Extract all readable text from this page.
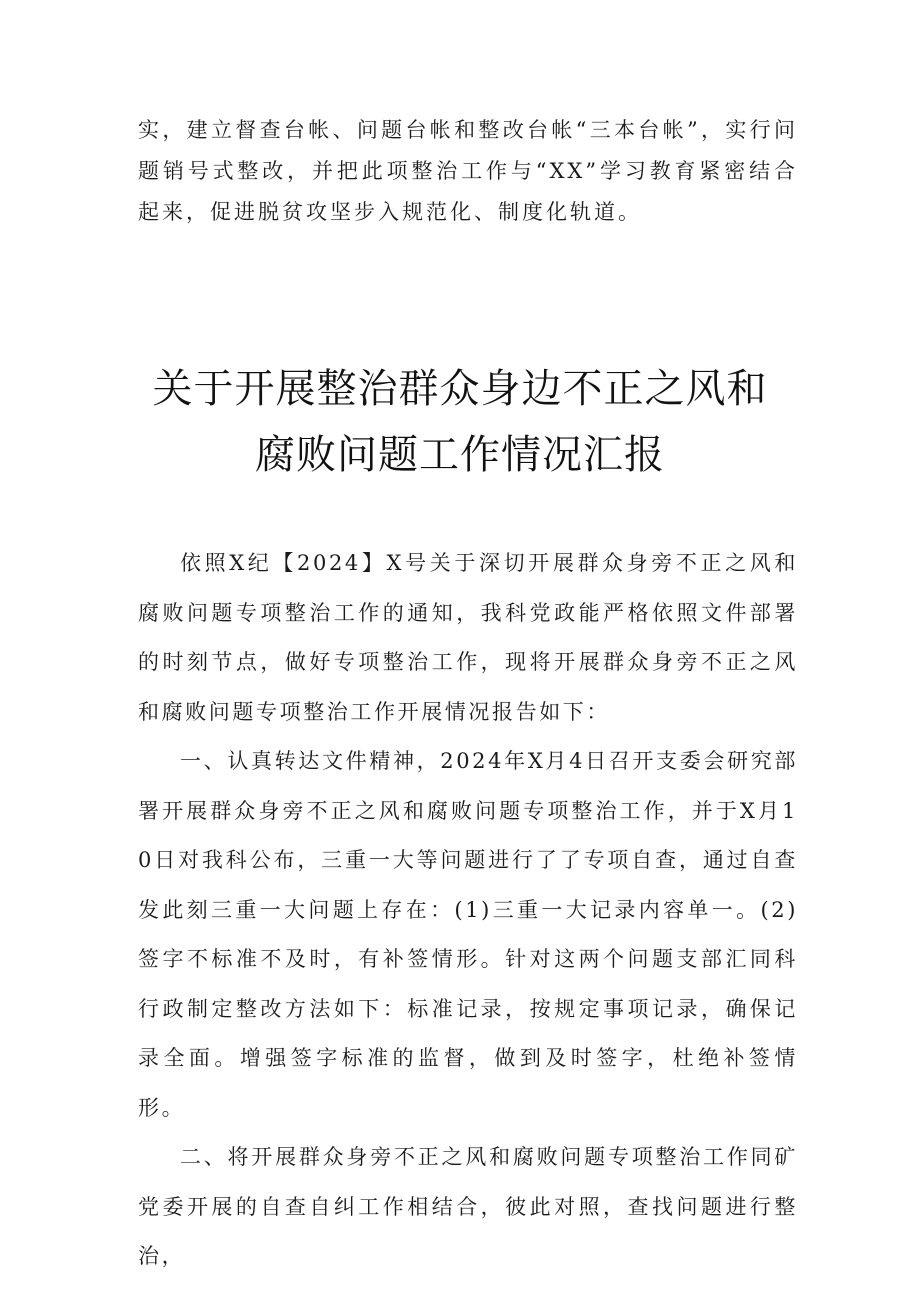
实，建立督查台帐、问题台帐和整改台帐“三本台帐”，实行问题销号式整改，并把此项整治工作与“XX”学习教育紧密结合起来，促进脱贫攻坚步入规范化、制度化轨道。
关于开展整治群众身边不正之风和
腐败问题工作情况汇报

依照X纪【2024】X号关于深切开展群众身旁不正之风和腐败问题专项整治工作的通知，我科党政能严格依照文件部署的时刻节点，做好专项整治工作，现将开展群众身旁不正之风和腐败问题专项整治工作开展情况报告如下：

一、认真转达文件精神，2024年X月4日召开支委会研究部署开展群众身旁不正之风和腐败问题专项整治工作，并于X月10日对我科公布，三重一大等问题进行了了专项自查，通过自查发此刻三重一大问题上存在：(1)三重一大记录内容单一。(2)签字不标准不及时，有补签情形。针对这两个问题支部汇同科行政制定整改方法如下：标准记录，按规定事项记录，确保记录全面。增强签字标准的监督，做到及时签字，杜绝补签情形。

二、将开展群众身旁不正之风和腐败问题专项整治工作同矿党委开展的自查自纠工作相结合，彼此对照，查找问题进行整治，
